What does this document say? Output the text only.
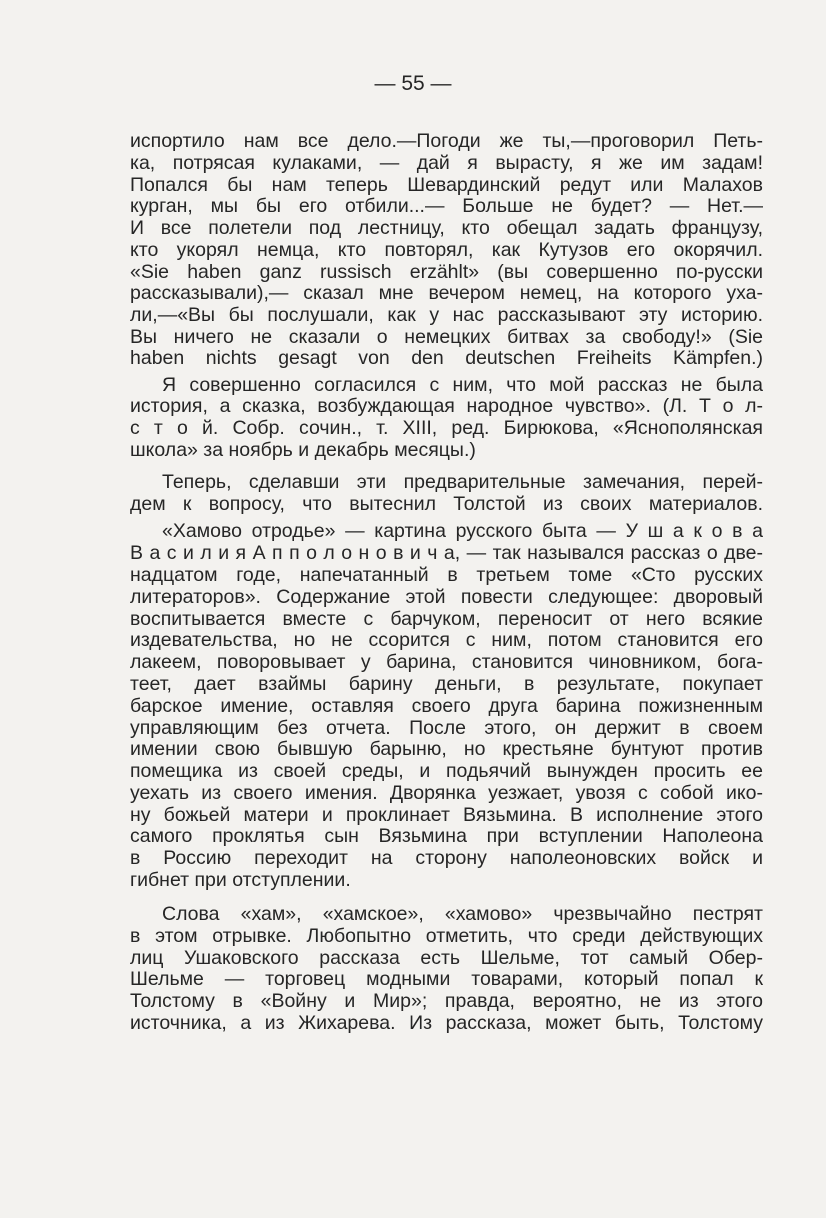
— 55 —
испортило нам все дело.—Погоди же ты,—проговорил Петь-
ка, потрясая кулаками, — дай я вырасту, я же им задам!
Попался бы нам теперь Шевардинский редут или Малахов
курган, мы бы его отбили...— Больше не будет? — Нет.—
И все полетели под лестницу, кто обещал задать французу,
кто укорял немца, кто повторял, как Кутузов его окорячил.
«Sie haben ganz russisch erzählt» (вы совершенно по-русски
рассказывали),— сказал мне вечером немец, на которого уха-
ли,—«Вы бы послушали, как у нас рассказывают эту историю.
Вы ничего не сказали о немецких битвах за свободу!» (Sie
haben nichts gesagt von den deutschen Freiheits Kämpfen.)
Я совершенно согласился с ним, что мой рассказ не была
история, а сказка, возбуждающая народное чувство». (Л. Т о л-
с т о й. Собр. сочин., т. XIII, ред. Бирюкова, «Яснополянская
школа» за ноябрь и декабрь месяцы.)
Теперь, сделавши эти предварительные замечания, перей-
дем к вопросу, что вытеснил Толстой из своих материалов.
«Хамово отродье» — картина русского быта — У ш а к о в а
В а с и л и я А п п о л о н о в и ч а, — так назывался рассказ о две-
надцатом годе, напечатанный в третьем томе «Сто русских
литераторов». Содержание этой повести следующее: дворовый
воспитывается вместе с барчуком, переносит от него всякие
издевательства, но не ссорится с ним, потом становится его
лакеем, поворовывает у барина, становится чиновником, бога-
теет, дает взаймы барину деньги, в результате, покупает
барское имение, оставляя своего друга барина пожизненным
управляющим без отчета. После этого, он держит в своем
имении свою бывшую барыню, но крестьяне бунтуют против
помещика из своей среды, и подьячий вынужден просить ее
уехать из своего имения. Дворянка уезжает, увозя с собой ико-
ну божьей матери и проклинает Вязьмина. В исполнение этого
самого проклятья сын Вязьмина при вступлении Наполеона
в Россию переходит на сторону наполеоновских войск и
гибнет при отступлении.
Слова «хам», «хамское», «хамово» чрезвычайно пестрят
в этом отрывке. Любопытно отметить, что среди действующих
лиц Ушаковского рассказа есть Шельме, тот самый Обер-
Шельме — торговец модными товарами, который попал к
Толстому в «Войну и Мир»; правда, вероятно, не из этого
источника, а из Жихарева. Из рассказа, может быть, Толстому
